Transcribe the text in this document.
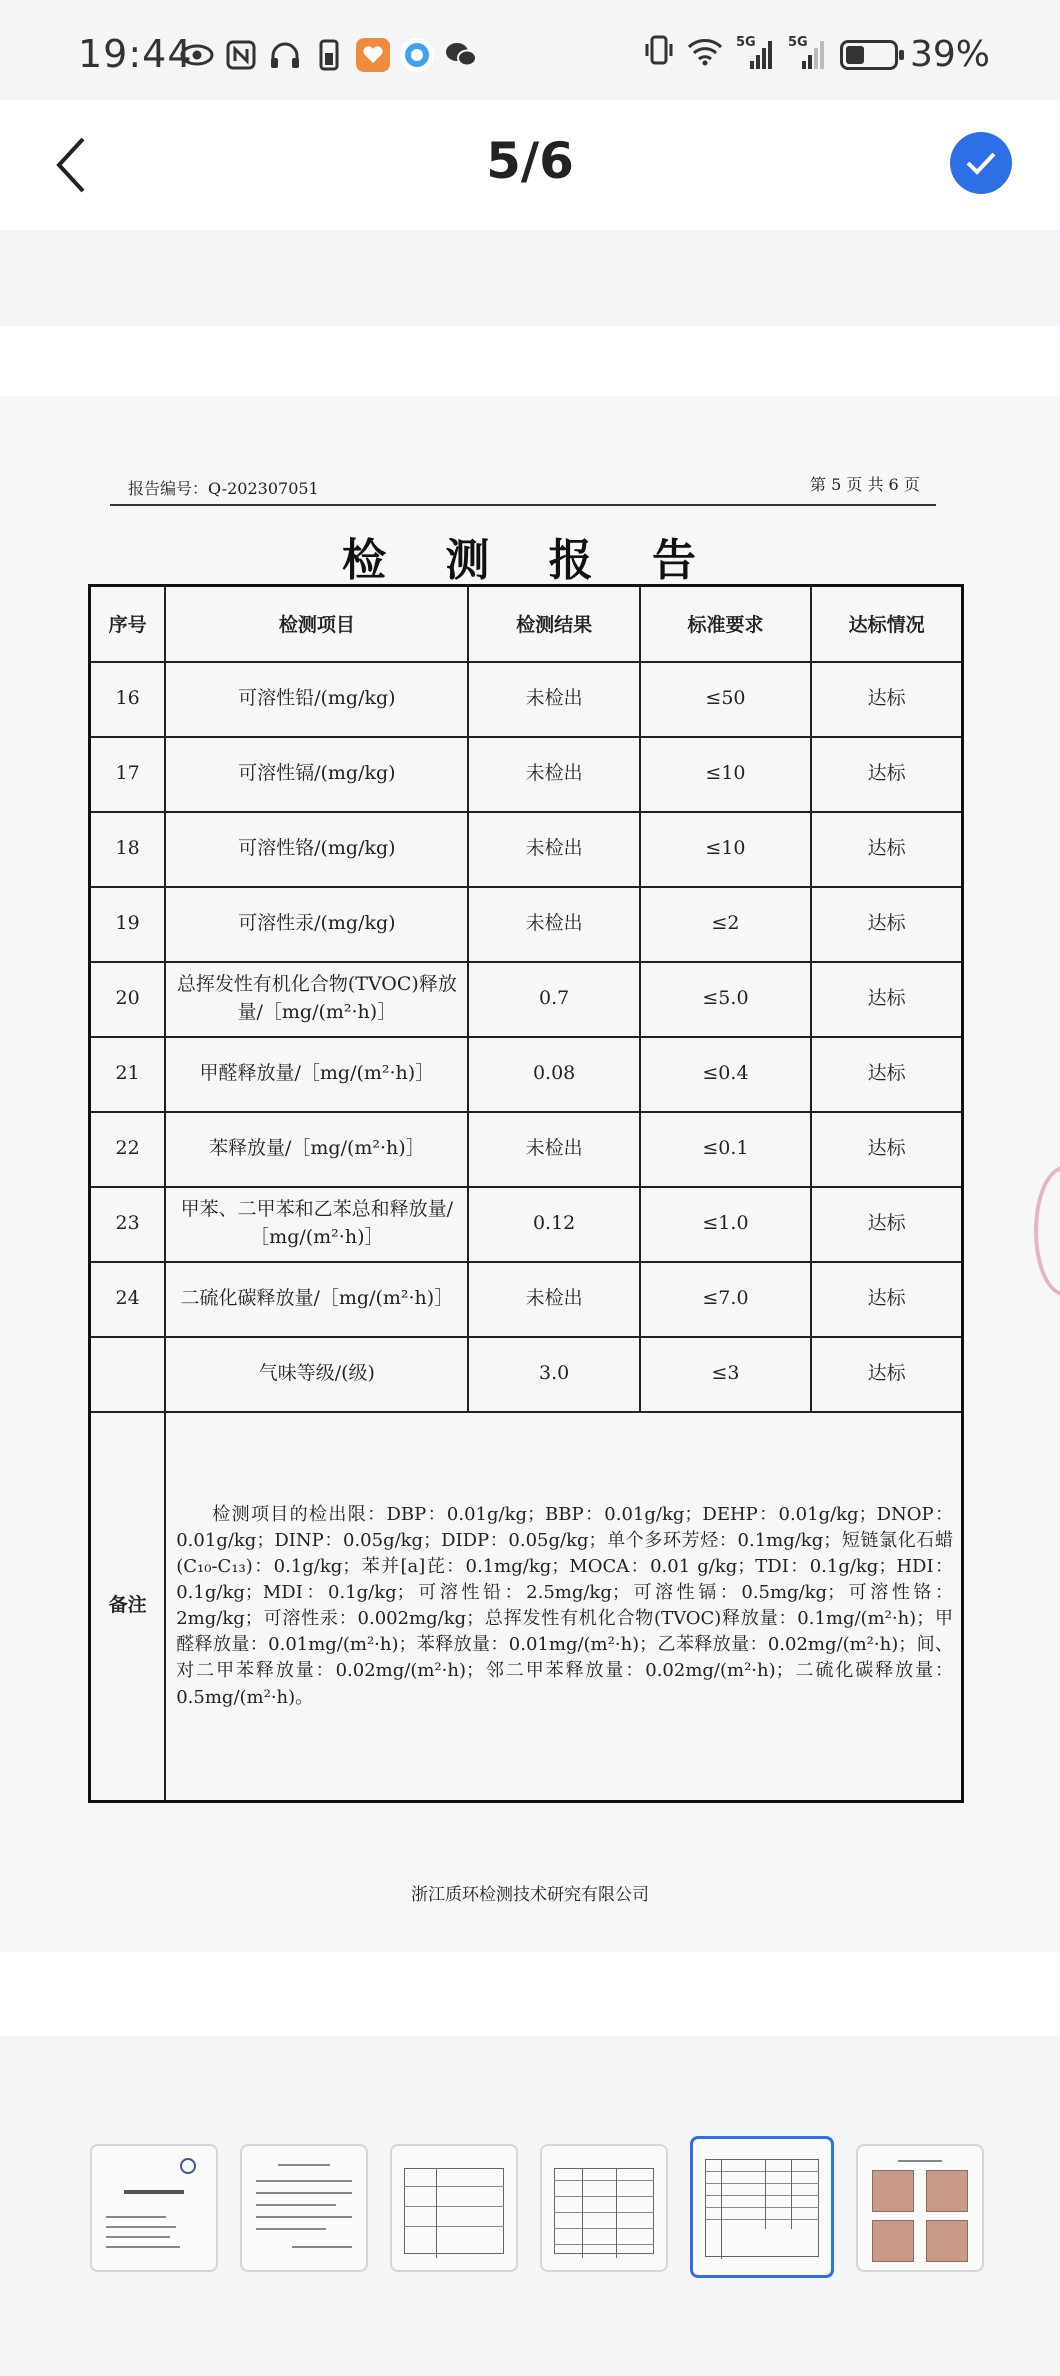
19:44	5G 5G	39%
5/6
报告编号：Q-202307051	第 5 页 共 6 页
检 测 报 告
序号	检测项目	检测结果	标准要求	达标情况
16	可溶性铅/(mg/kg)	未检出	≤50	达标
17	可溶性镉/(mg/kg)	未检出	≤10	达标
18	可溶性铬/(mg/kg)	未检出	≤10	达标
19	可溶性汞/(mg/kg)	未检出	≤2	达标
20	总挥发性有机化合物(TVOC)释放量/［mg/(m²·h)］	0.7	≤5.0	达标
21	甲醛释放量/［mg/(m²·h)］	0.08	≤0.4	达标
22	苯释放量/［mg/(m²·h)］	未检出	≤0.1	达标
23	甲苯、二甲苯和乙苯总和释放量/［mg/(m²·h)］	0.12	≤1.0	达标
24	二硫化碳释放量/［mg/(m²·h)］	未检出	≤7.0	达标
	气味等级/(级)	3.0	≤3	达标
备注	检测项目的检出限：DBP：0.01g/kg；BBP：0.01g/kg；DEHP：0.01g/kg；DNOP：0.01g/kg；DINP：0.05g/kg；DIDP：0.05g/kg；单个多环芳烃：0.1mg/kg；短链氯化石蜡(C₁₀-C₁₃)：0.1g/kg；苯并[a]芘：0.1mg/kg；MOCA：0.01 g/kg；TDI：0.1g/kg；HDI：0.1g/kg；MDI：0.1g/kg；可溶性铅：2.5mg/kg；可溶性镉：0.5mg/kg；可溶性铬：2mg/kg；可溶性汞：0.002mg/kg；总挥发性有机化合物(TVOC)释放量：0.1mg/(m²·h)；甲醛释放量：0.01mg/(m²·h)；苯释放量：0.01mg/(m²·h)；乙苯释放量：0.02mg/(m²·h)；间、对二甲苯释放量：0.02mg/(m²·h)；邻二甲苯释放量：0.02mg/(m²·h)；二硫化碳释放量：0.5mg/(m²·h)。			
浙江质环检测技术研究有限公司
